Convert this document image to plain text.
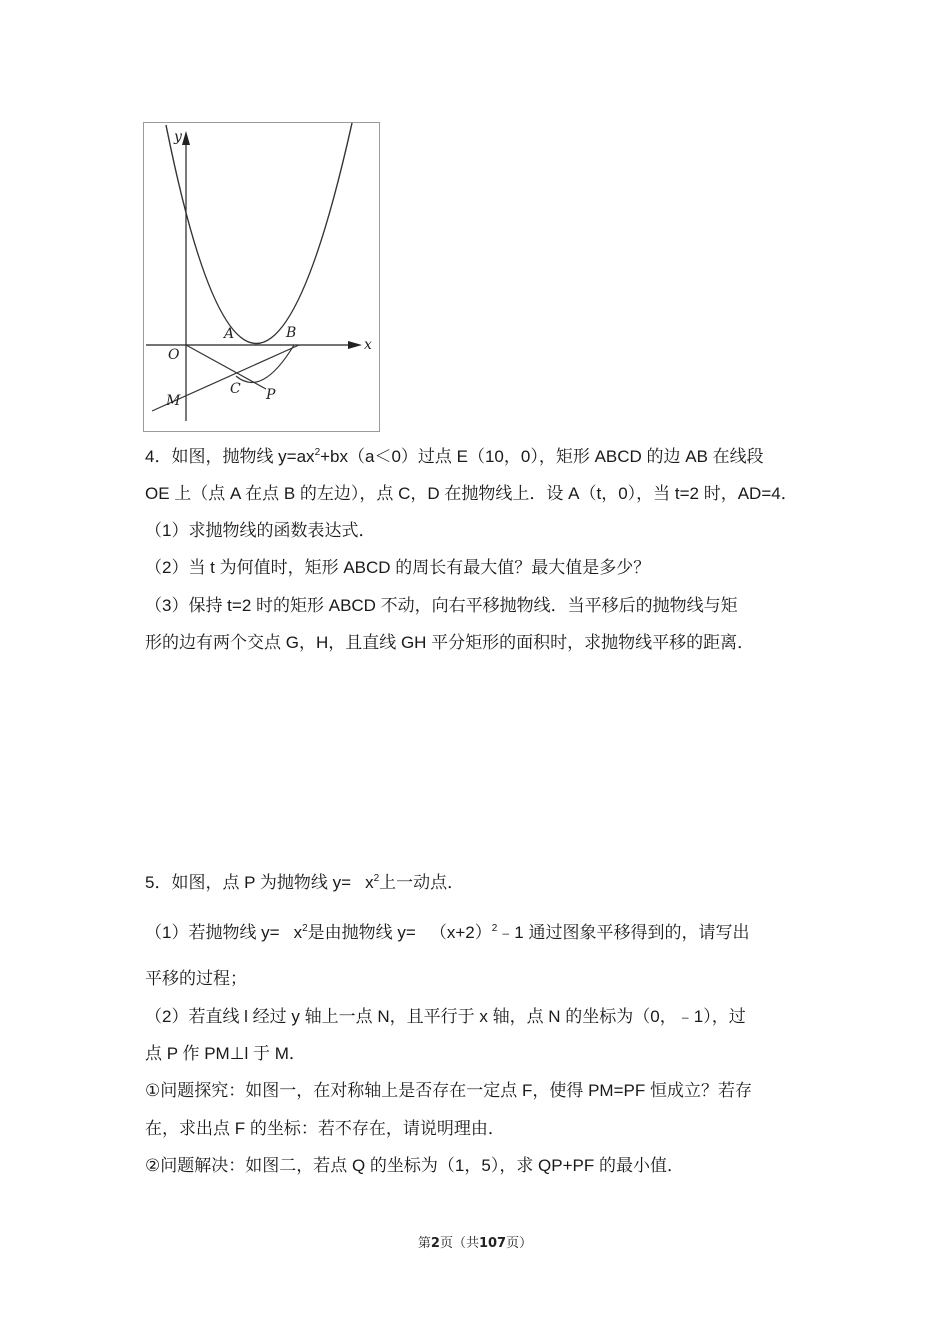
y
x
O
A	B
C P
M
4．如图，抛物线 $y=ax^2+bx(a<0)$过点 E（10，0），矩形 ABCD 的边 AB 在线段
OE 上（点 A 在点 B 的左边），点 C，D 在抛物线上．设 A（t，0），当 t=2 时，AD=4．
（1）求抛物线的函数表达式．
（2）当 t 为何值时，矩形 ABCD 的周长有最大值？最大值是多少？
（3）保持 t=2 时的矩形 ABCD 不动，向右平移抛物线．当平移后的抛物线与矩
形的边有两个交点 G，H，且直线 GH 平分矩形的面积时，求抛物线平移的距离．
5．如图，点 P 为抛物线 $y= x^2$上一动点．
（1）若抛物线 $y= x^2$是由抛物线 $y= (x+2)^2﹣1$ 通过图象平移得到的，请写出
平移的过程；
（2）若直线 l 经过 y 轴上一点 N，且平行于 x 轴，点 N 的坐标为（0，﹣1），过
点 P 作 PM⊥l 于 M．
①问题探究：如图一，在对称轴上是否存在一定点 F，使得 PM=PF 恒成立？若存
在，求出点 F 的坐标：若不存在，请说明理由．
②问题解决：如图二，若点 Q 的坐标为（1，5），求 QP+PF 的最小值．
第2页（共107页）
